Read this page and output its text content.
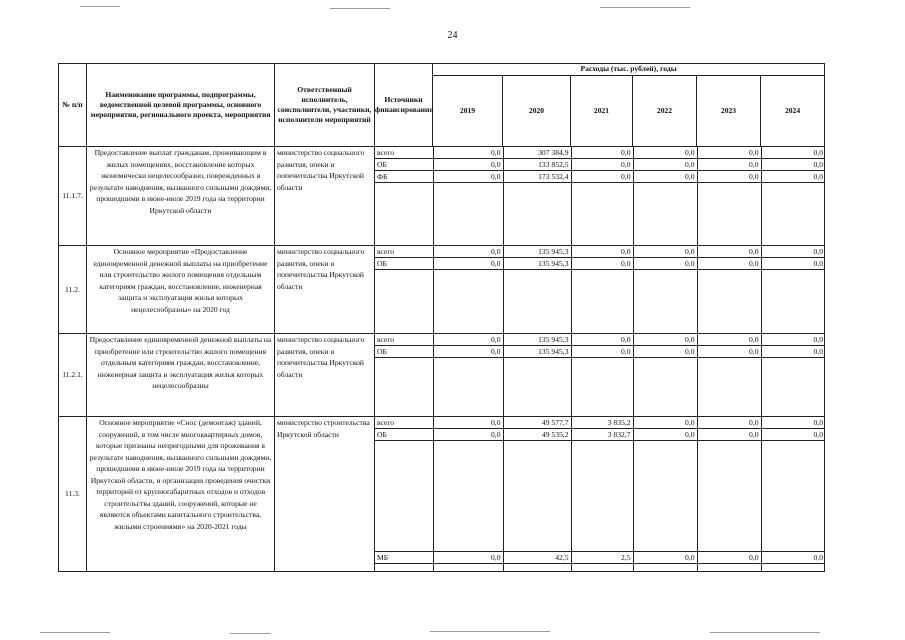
24
№ п/п	Наименование программы, подпрограммы, ведомственной целевой программы, основного мероприятия, регионального проекта, мероприятия	Ответственный исполнитель, соисполнители, участники, исполнители мероприятий	Источники финансирования	Расходы (тыс. рублей), годы
2019	2020	2021	2022	2023	2024
11.1.7.	Предоставление выплат гражданам, проживающим в жилых помещениях, восстановление которых экономически нецелесообразно, поврежденных в результате наводнения, вызванного сильными дождями, прошедшими в июне-июле 2019 года на территории Иркутской области	министерство социального развития, опеки и попечительства Иркутской области	
всего	0,0	307 384,9	0,0	0,0	0,0	0,0
ОБ	0,0	133 852,5	0,0	0,0	0,0	0,0
ФБ	0,0	173 532,4	0,0	0,0	0,0	0,0

11.2.	Основное мероприятие «Предоставление единовременной денежной выплаты на приобретение или строительство жилого помещения отдельным категориям граждан, восстановление, инженерная защита и эксплуатация жилья которых нецелесообразны» на 2020 год	министерство социального развития, опеки и попечительства Иркутской области	
всего	0,0	135 945,3	0,0	0,0	0,0	0,0
ОБ	0,0	135 945,3	0,0	0,0	0,0	0,0

11.2.1.	Предоставление единовременной денежной выплаты на приобретение или строительство жилого помещения отдельным категориям граждан, восстановление, инженерная защита и эксплуатация жилья которых нецелесообразны	министерство социального развития, опеки и попечительства Иркутской области	
всего	0,0	135 945,3	0,0	0,0	0,0	0,0
ОБ	0,0	135 945,3	0,0	0,0	0,0	0,0

11.3.	Основное мероприятие «Снос (демонтаж) зданий, сооружений, в том числе многоквартирных домов, которые признаны непригодными для проживания в результате наводнения, вызванного сильными дождями, прошедшими в июне-июле 2019 года на территории Иркутской области, и организации проведения очистки территорий от крупногабаритных отходов и отходов строительства зданий, сооружений, которые не являются объектами капитального строительства, жилыми строениями» на 2020-2021 годы	министерство строительства Иркутской области	
всего	0,0	49 577,7	3 835,2	0,0	0,0	0,0
ОБ	0,0	49 535,2	3 832,7	0,0	0,0	0,0

МБ	0,0	42,5	2,5	0,0	0,0	0,0
